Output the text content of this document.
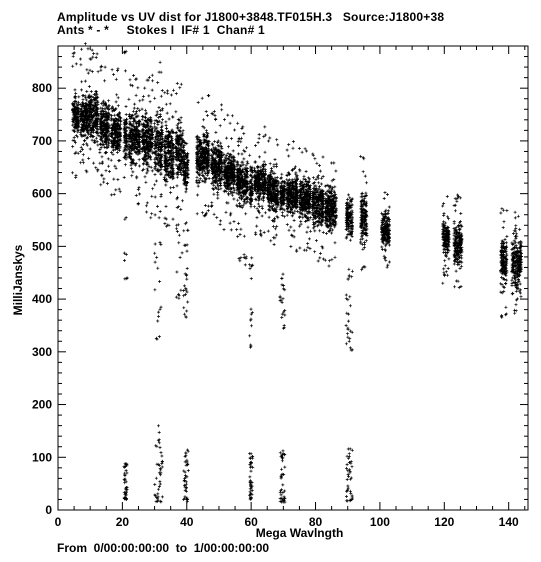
0	20	40	60	80	100	120	140
0
100
200
300
400
500
600
700
800
Amplitude vs UV dist for J1800+3848.TF015H.3   Source:J1800+38
Ants * - *     Stokes I  IF# 1  Chan# 1
Mega Wavlngth
MilliJanskys
From  0/00:00:00:00  to  1/00:00:00:00
